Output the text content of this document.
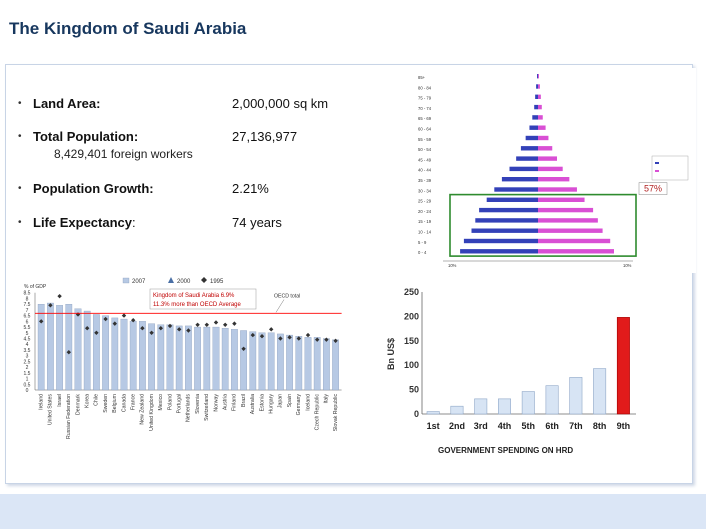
The Kingdom of Saudi Arabia
• Land Area:	2,000,000 sq km
• Total Population:	27,136,977
8,429,401 foreign workers
• Population Growth:	2.21%
• Life Expectancy:	74 years
0 - 4
5 - 9
10 - 14
15 - 19
20 - 24
25 - 29
30 - 34
35 - 39
40 - 44
45 - 49
50 - 54
55 - 59
60 - 64
65 - 69
70 - 74
75 - 79
80 - 84
85+
10%	10%
57%
% of GDP
0
0.5
1
1.5
2
2.5
3
3.5
4
4.5
5
5.5
6
6.5
7
7.5
8
8.5
Ireland United States Israel Russian Federation Denmark Korea Chile Sweden Belgium Canada France New Zealand United Kingdom Mexico Poland Portugal Netherlands Slovenia Switzerland Norway Austria Finland Brazil Australia Estonia Hungary Japan Spain Germany Iceland Czech Republic Italy Slovak Republic
OECD total
Kingdom of Saudi Arabia 6.9%
11.3% more than OECD Average
2007	2000	1995
0
50
100
150
200
250
Bn US$
1st 2nd 3rd 4th 5th 6th 7th 8th 9th
GOVERNMENT SPENDING ON HRD
